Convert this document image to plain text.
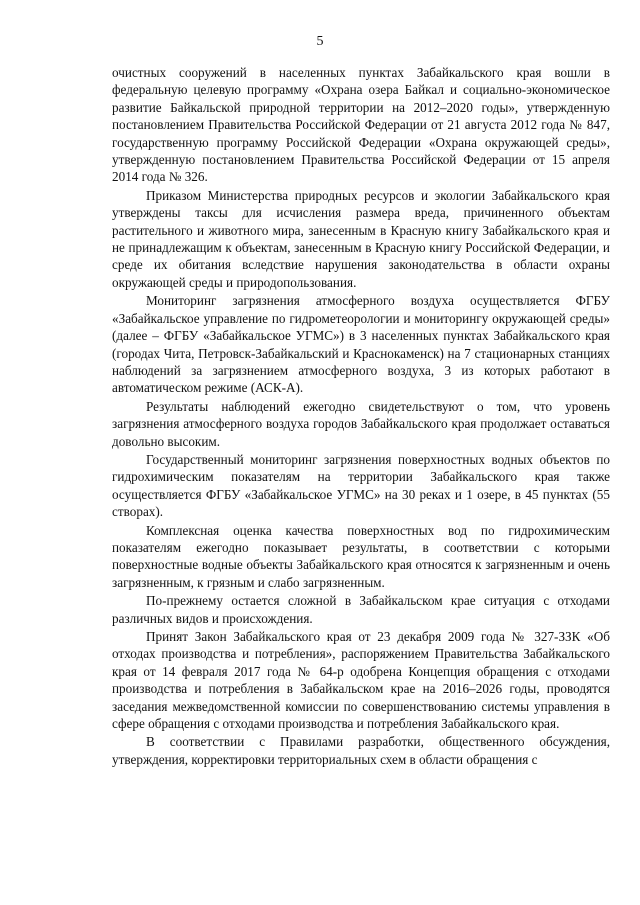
5

очистных сооружений в населенных пунктах Забайкальского края вошли в федеральную целевую программу «Охрана озера Байкал и социально-экономическое развитие Байкальской природной территории на 2012–2020 годы», утвержденную постановлением Правительства Российской Федерации от 21 августа 2012 года № 847, государственную программу Российской Федерации «Охрана окружающей среды», утвержденную постановлением Правительства Российской Федерации от 15 апреля 2014 года № 326.

Приказом Министерства природных ресурсов и экологии Забайкальского края утверждены таксы для исчисления размера вреда, причиненного объектам растительного и животного мира, занесенным в Красную книгу Забайкальского края и не принадлежащим к объектам, занесенным в Красную книгу Российской Федерации, и среде их обитания вследствие нарушения законодательства в области охраны окружающей среды и природопользования.

Мониторинг загрязнения атмосферного воздуха осуществляется ФГБУ «Забайкальское управление по гидрометеорологии и мониторингу окружающей среды» (далее – ФГБУ «Забайкальское УГМС») в 3 населенных пунктах Забайкальского края (городах Чита, Петровск-Забайкальский и Краснокаменск) на 7 стационарных станциях наблюдений за загрязнением атмосферного воздуха, 3 из которых работают в автоматическом режиме (АСК-А).

Результаты наблюдений ежегодно свидетельствуют о том, что уровень загрязнения атмосферного воздуха городов Забайкальского края продолжает оставаться довольно высоким.

Государственный мониторинг загрязнения поверхностных водных объектов по гидрохимическим показателям на территории Забайкальского края также осуществляется ФГБУ «Забайкальское УГМС» на 30 реках и 1 озере, в 45 пунктах (55 створах).

Комплексная оценка качества поверхностных вод по гидрохимическим показателям ежегодно показывает результаты, в соответствии с которыми поверхностные водные объекты Забайкальского края относятся к загрязненным и очень загрязненным, к грязным и слабо загрязненным.

По-прежнему остается сложной в Забайкальском крае ситуация с отходами различных видов и происхождения.

Принят Закон Забайкальского края от 23 декабря 2009 года № 327-ЗЗК «Об отходах производства и потребления», распоряжением Правительства Забайкальского края от 14 февраля 2017 года № 64-р одобрена Концепция обращения с отходами производства и потребления в Забайкальском крае на 2016–2026 годы, проводятся заседания межведомственной комиссии по совершенствованию системы управления в сфере обращения с отходами производства и потребления Забайкальского края.

В соответствии с Правилами разработки, общественного обсуждения, утверждения, корректировки территориальных схем в области обращения с
